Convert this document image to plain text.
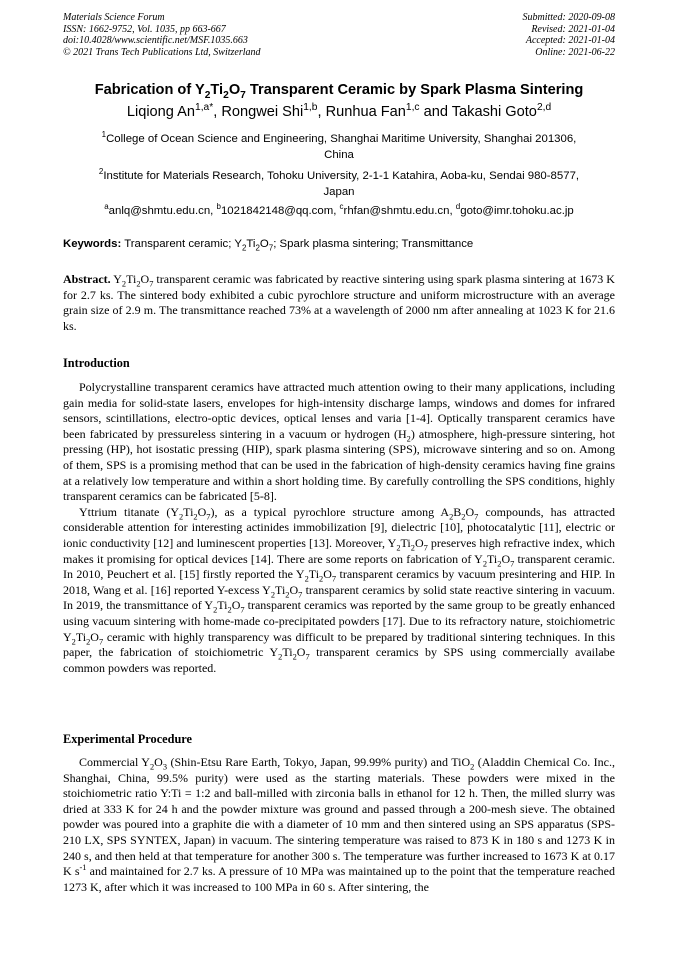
Materials Science Forum
ISSN: 1662-9752, Vol. 1035, pp 663-667
doi:10.4028/www.scientific.net/MSF.1035.663
© 2021 Trans Tech Publications Ltd, Switzerland
Submitted: 2020-09-08
Revised: 2021-01-04
Accepted: 2021-01-04
Online: 2021-06-22
Fabrication of $Y_2Ti_2O_7$ Transparent Ceramic by Spark Plasma Sintering
Liqiong $An^{1,a*}$, Rongwei Shi$^{1,b}$, Runhua Fan$^{1,c}$ and Takashi Goto$^{2,d}$
$^1$College of Ocean Science and Engineering, Shanghai Maritime University, Shanghai 201306,
China
$^2$Institute for Materials Research, Tohoku University, 2-1-1 Katahira, Aoba-ku, Sendai 980-8577,
Japan
$^a$anlq@shmtu.edu.cn, $^b$1021842148@qq.com, $^c$rhfan@shmtu.edu.cn, $^d$goto@imr.tohoku.ac.jp
Keywords: Transparent ceramic; $Y_2Ti_2O_7$; Spark plasma sintering; Transmittance

Abstract. $Y_2Ti_2O_7$ transparent ceramic was fabricated by reactive sintering using spark plasma sintering at 1673 K for 2.7 ks. The sintered body exhibited a cubic pyrochlore structure and uniform microstructure with an average grain size of 2.9 m. The transmittance reached 73% at a wavelength of 2000 nm after annealing at 1023 K for 21.6 ks.

Introduction

Polycrystalline transparent ceramics have attracted much attention owing to their many applications, including gain media for solid-state lasers, envelopes for high-intensity discharge lamps, windows and domes for infrared sensors, scintillations, electro-optic devices, optical lenses and varia [1-4]. Optically transparent ceramics have been fabricated by pressureless sintering in a vacuum or hydrogen $(H_2)$ atmosphere, high-pressure sintering, hot pressing (HP), hot isostatic pressing (HIP), spark plasma sintering (SPS), microwave sintering and so on. Among of them, SPS is a promising method that can be used in the fabrication of high-density ceramics having fine grains at a relatively low temperature and within a short holding time. By carefully controlling the SPS conditions, highly transparent ceramics can be fabricated [5-8].

Yttrium titanate $(Y_2Ti_2O_7)$, as a typical pyrochlore structure among $A_2B_2O_7$ compounds, has attracted considerable attention for interesting actinides immobilization [9], dielectric [10], photocatalytic [11], electric or ionic conductivity [12] and luminescent properties [13]. Moreover, $Y_2Ti_2O_7$ preserves high refractive index, which makes it promising for optical devices [14]. There are some reports on fabrication of $Y_2Ti_2O_7$ transparent ceramic. In 2010, Peuchert et al. [15] firstly reported the $Y_2Ti_2O_7$ transparent ceramics by vacuum presintering and HIP. In 2018, Wang et al. [16] reported Y-excess $Y_2Ti_2O_7$ transparent ceramics by solid state reactive sintering in vacuum. In 2019, the transmittance of $Y_2Ti_2O_7$ transparent ceramics was reported by the same group to be greatly enhanced using vacuum sintering with home-made co-precipitated powders [17]. Due to its refractory nature, stoichiometric $Y_2Ti_2O_7$ ceramic with highly transparency was difficult to be prepared by traditional sintering techniques. In this paper, the fabrication of stoichiometric $Y_2Ti_2O_7$ transparent ceramics by SPS using commercially availabe common powders was reported.

Experimental Procedure

Commercial $Y_2O_3$ (Shin-Etsu Rare Earth, Tokyo, Japan, 99.99% purity) and TiO$_2$ (Aladdin Chemical Co. Inc., Shanghai, China, 99.5% purity) were used as the starting materials. These powders were mixed in the stoichiometric ratio Y:Ti = 1:2 and ball-milled with zirconia balls in ethanol for 12 h. Then, the milled slurry was dried at 333 K for 24 h and the powder mixture was ground and passed through a 200-mesh sieve. The obtained powder was poured into a graphite die with a diameter of 10 mm and then sintered using an SPS apparatus (SPS-210 LX, SPS SYNTEX, Japan) in vacuum. The sintering temperature was raised to 873 K in 180 s and 1273 K in 240 s, and then held at that temperature for another 300 s. The temperature was further increased to 1673 K at 0.17 K $s^{-1}$ and maintained for 2.7 ks. A pressure of 10 MPa was maintained up to the point that the temperature reached 1273 K, after which it was increased to 100 MPa in 60 s. After sintering, the
